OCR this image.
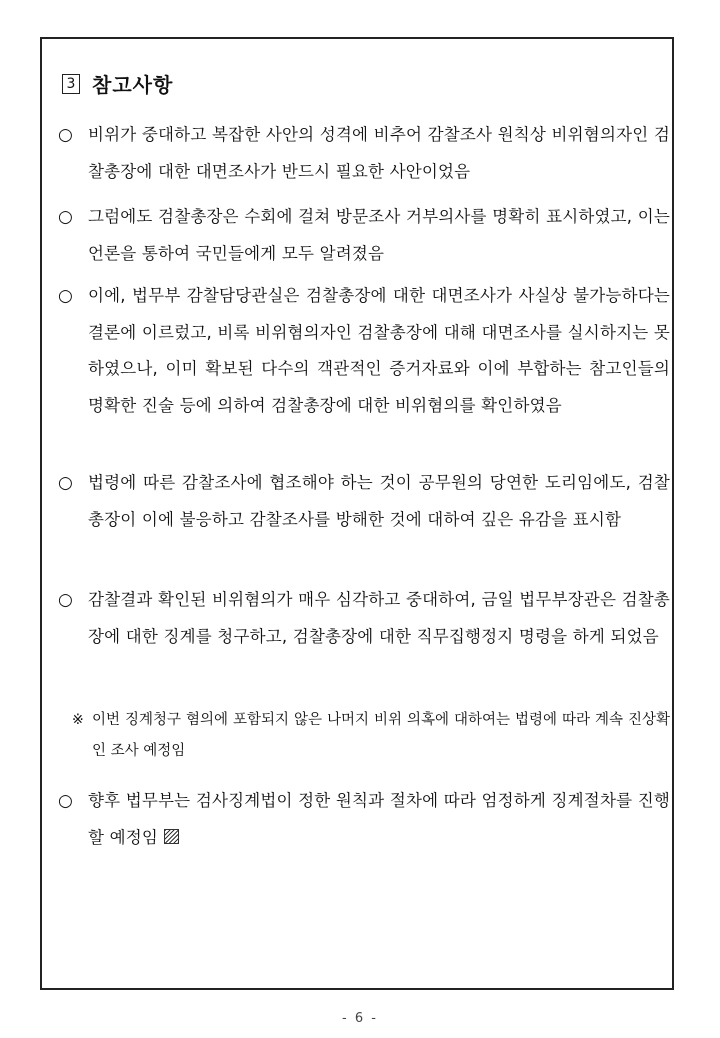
3 참고사항
○ 비위가 중대하고 복잡한 사안의 성격에 비추어 감찰조사 원칙상 비위혐의자인 검찰총장에 대한 대면조사가 반드시 필요한 사안이었음
○ 그럼에도 검찰총장은 수회에 걸쳐 방문조사 거부의사를 명확히 표시하였고, 이는 언론을 통하여 국민들에게 모두 알려졌음
○ 이에, 법무부 감찰담당관실은 검찰총장에 대한 대면조사가 사실상 불가능하다는 결론에 이르렀고, 비록 비위혐의자인 검찰총장에 대해 대면조사를 실시하지는 못하였으나, 이미 확보된 다수의 객관적인 증거자료와 이에 부합하는 참고인들의 명확한 진술 등에 의하여 검찰총장에 대한 비위혐의를 확인하였음
○ 법령에 따른 감찰조사에 협조해야 하는 것이 공무원의 당연한 도리임에도, 검찰총장이 이에 불응하고 감찰조사를 방해한 것에 대하여 깊은 유감을 표시함
○ 감찰결과 확인된 비위혐의가 매우 심각하고 중대하여, 금일 법무부장관은 검찰총장에 대한 징계를 청구하고, 검찰총장에 대한 직무집행정지 명령을 하게 되었음
※ 이번 징계청구 혐의에 포함되지 않은 나머지 비위 의혹에 대하여는 법령에 따라 계속 진상확인 조사 예정임
○ 향후 법무부는 검사징계법이 정한 원칙과 절차에 따라 엄정하게 징계절차를 진행할 예정임
- 6 -
